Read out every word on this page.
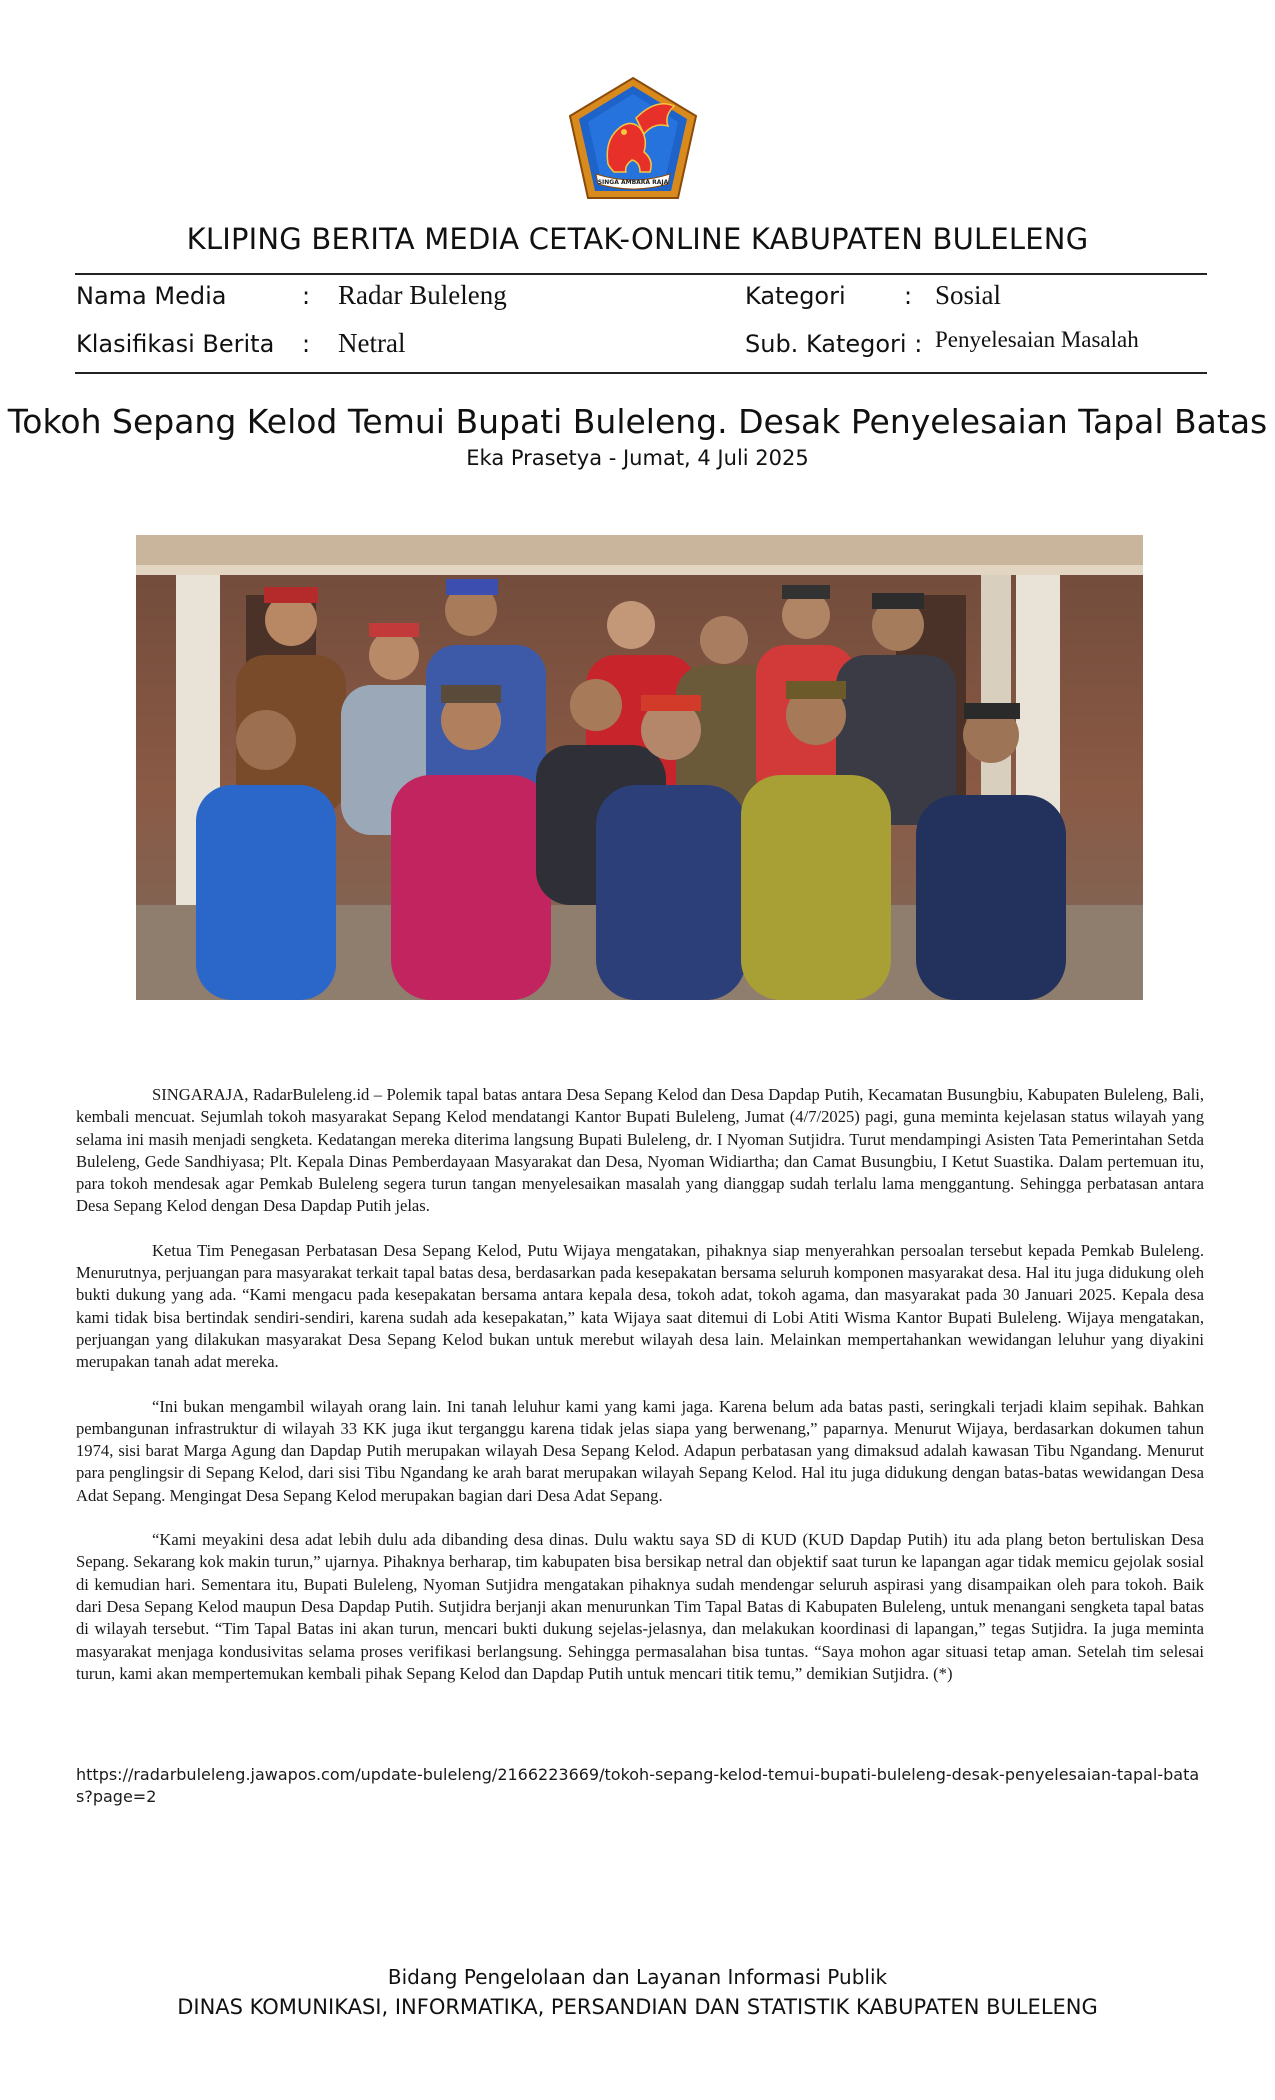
SINGA AMBARA RAJA
KLIPING BERITA MEDIA CETAK-ONLINE KABUPATEN BULELENG
Nama Media	: Radar Buleleng	Kategori : Sosial
Klasifikasi Berita : Netral	Sub. Kategori : Penyelesaian Masalah
Tokoh Sepang Kelod Temui Bupati Buleleng. Desak Penyelesaian Tapal Batas
Eka Prasetya - Jumat, 4 Juli 2025

SINGARAJA, RadarBuleleng.id – Polemik tapal batas antara Desa Sepang Kelod dan Desa Dapdap Putih, Kecamatan Busungbiu, Kabupaten Buleleng, Bali, kembali mencuat. Sejumlah tokoh masyarakat Sepang Kelod mendatangi Kantor Bupati Buleleng, Jumat (4/7/2025) pagi, guna meminta kejelasan status wilayah yang selama ini masih menjadi sengketa. Kedatangan mereka diterima langsung Bupati Buleleng, dr. I Nyoman Sutjidra. Turut mendampingi Asisten Tata Pemerintahan Setda Buleleng, Gede Sandhiyasa; Plt. Kepala Dinas Pemberdayaan Masyarakat dan Desa, Nyoman Widiartha; dan Camat Busungbiu, I Ketut Suastika. Dalam pertemuan itu, para tokoh mendesak agar Pemkab Buleleng segera turun tangan menyelesaikan masalah yang dianggap sudah terlalu lama menggantung. Sehingga perbatasan antara Desa Sepang Kelod dengan Desa Dapdap Putih jelas.

Ketua Tim Penegasan Perbatasan Desa Sepang Kelod, Putu Wijaya mengatakan, pihaknya siap menyerahkan persoalan tersebut kepada Pemkab Buleleng. Menurutnya, perjuangan para masyarakat terkait tapal batas desa, berdasarkan pada kesepakatan bersama seluruh komponen masyarakat desa. Hal itu juga didukung oleh bukti dukung yang ada. “Kami mengacu pada kesepakatan bersama antara kepala desa, tokoh adat, tokoh agama, dan masyarakat pada 30 Januari 2025. Kepala desa kami tidak bisa bertindak sendiri-sendiri, karena sudah ada kesepakatan,” kata Wijaya saat ditemui di Lobi Atiti Wisma Kantor Bupati Buleleng. Wijaya mengatakan, perjuangan yang dilakukan masyarakat Desa Sepang Kelod bukan untuk merebut wilayah desa lain. Melainkan mempertahankan wewidangan leluhur yang diyakini merupakan tanah adat mereka.

“Ini bukan mengambil wilayah orang lain. Ini tanah leluhur kami yang kami jaga. Karena belum ada batas pasti, seringkali terjadi klaim sepihak. Bahkan pembangunan infrastruktur di wilayah 33 KK juga ikut terganggu karena tidak jelas siapa yang berwenang,” paparnya. Menurut Wijaya, berdasarkan dokumen tahun 1974, sisi barat Marga Agung dan Dapdap Putih merupakan wilayah Desa Sepang Kelod. Adapun perbatasan yang dimaksud adalah kawasan Tibu Ngandang. Menurut para penglingsir di Sepang Kelod, dari sisi Tibu Ngandang ke arah barat merupakan wilayah Sepang Kelod. Hal itu juga didukung dengan batas-batas wewidangan Desa Adat Sepang. Mengingat Desa Sepang Kelod merupakan bagian dari Desa Adat Sepang.

“Kami meyakini desa adat lebih dulu ada dibanding desa dinas. Dulu waktu saya SD di KUD (KUD Dapdap Putih) itu ada plang beton bertuliskan Desa Sepang. Sekarang kok makin turun,” ujarnya. Pihaknya berharap, tim kabupaten bisa bersikap netral dan objektif saat turun ke lapangan agar tidak memicu gejolak sosial di kemudian hari. Sementara itu, Bupati Buleleng, Nyoman Sutjidra mengatakan pihaknya sudah mendengar seluruh aspirasi yang disampaikan oleh para tokoh. Baik dari Desa Sepang Kelod maupun Desa Dapdap Putih. Sutjidra berjanji akan menurunkan Tim Tapal Batas di Kabupaten Buleleng, untuk menangani sengketa tapal batas di wilayah tersebut. “Tim Tapal Batas ini akan turun, mencari bukti dukung sejelas-jelasnya, dan melakukan koordinasi di lapangan,” tegas Sutjidra. Ia juga meminta masyarakat menjaga kondusivitas selama proses verifikasi berlangsung. Sehingga permasalahan bisa tuntas. “Saya mohon agar situasi tetap aman. Setelah tim selesai turun, kami akan mempertemukan kembali pihak Sepang Kelod dan Dapdap Putih untuk mencari titik temu,” demikian Sutjidra. (*)

https://radarbuleleng.jawapos.com/update-buleleng/2166223669/tokoh-sepang-kelod-temui-bupati-buleleng-desak-penyelesaian-tapal-batas?page=2
Bidang Pengelolaan dan Layanan Informasi Publik
DINAS KOMUNIKASI, INFORMATIKA, PERSANDIAN DAN STATISTIK KABUPATEN BULELENG
